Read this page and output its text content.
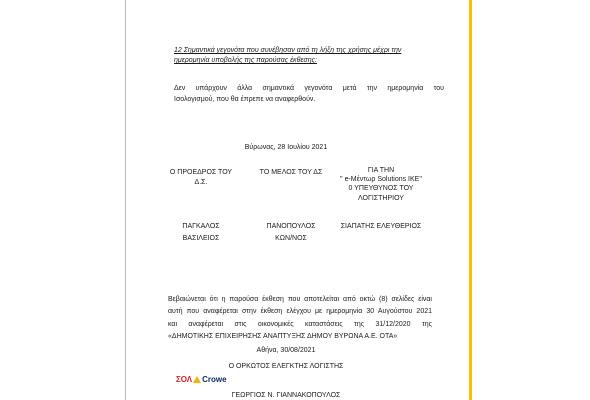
12 Σημαντικά γεγονότα που συνέβησαν από τη λήξη της χρήσης μέχρι την
ημερομηνία υποβολής της παρούσας έκθεσης:
Δεν υπάρχουν άλλα σημαντικά γεγονότα μετά την ημερομηνία του
Ισολογισμού, που θα έπρεπε να αναφερθούν.
Βύρωνας, 28 Ιουλίου 2021
Ο ΠΡΟΕΔΡΟΣ ΤΟΥ
Δ.Σ.
ΠΑΓΚΑΛΟΣ
ΒΑΣΙΛΕΙΟΣ
ΤΟ ΜΕΛΟΣ ΤΟΥ ΔΣ
ΠΑΝΟΠΟΥΛΟΣ
ΚΩΝ/ΝΟΣ
ΓΙΑ ΤΗΝ
'' e-Μέντωρ Solutions ΙΚΕ''
0 ΥΠΕΥΘΥΝΟΣ ΤΟΥ
ΛΟΓΙΣΤΗΡΙΟΥ
ΣΙΑΠΑΤΗΣ ΕΛΕΥΘΕΡΙΟΣ
Βεβαιώνεται ότι η παρούσα έκθεση που αποτελείται από οκτώ (8) σελίδες είναι
αυτή που αναφέρεται στην έκθεση ελέγχου με ημερομηνία 30 Αυγούστου 2021
και αναφέρεται στις οικονομικές καταστάσεις της 31/12/2020 της
«ΔΗΜΟΤΙΚΗΣ ΕΠΙΧΕΙΡΗΣΗΣ ΑΝΑΠΤΥΞΗΣ ΔΗΜΟΥ ΒΥΡΩΝΑ Α.Ε. ΟΤΑ»
Αθήνα, 30/08/2021
Ο ΟΡΚΩΤΟΣ ΕΛΕΓΚΤΗΣ ΛΟΓΙΣΤΗΣ
ΣΟΛ Crowe
ΓΕΩΡΓΙΟΣ Ν. ΓΙΑΝΝΑΚΟΠΟΥΛΟΣ
